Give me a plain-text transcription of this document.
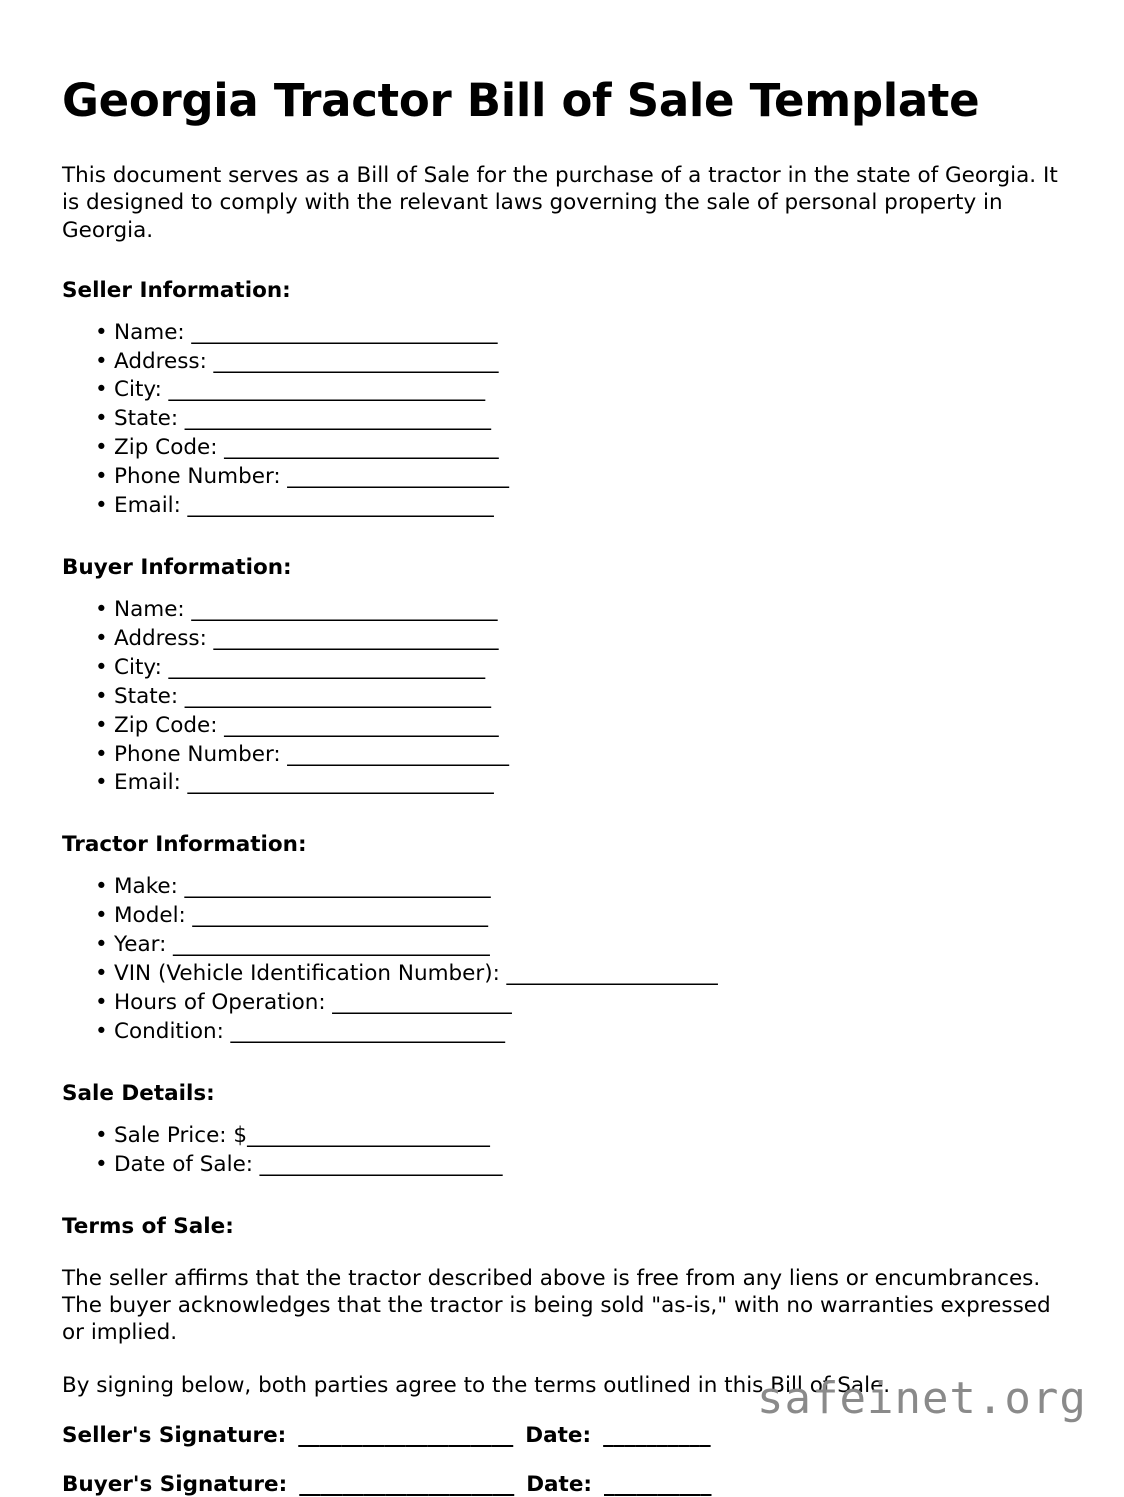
Georgia Tractor Bill of Sale Template

This document serves as a Bill of Sale for the purchase of a tractor in the state of Georgia. It is designed to comply with the relevant laws governing the sale of personal property in Georgia.

Seller Information:
• Name: _____________________________
• Address: ___________________________
• City: ______________________________
• State: _____________________________
• Zip Code: __________________________
• Phone Number: _____________________
• Email: _____________________________
Buyer Information:
• Name: _____________________________
• Address: ___________________________
• City: ______________________________
• State: _____________________________
• Zip Code: __________________________
• Phone Number: _____________________
• Email: _____________________________
Tractor Information:
• Make: _____________________________
• Model: ____________________________
• Year: ______________________________
• VIN (Vehicle Identification Number): ____________________
• Hours of Operation: _________________
• Condition: __________________________
Sale Details:
• Sale Price: $_______________________
• Date of Sale: _______________________
Terms of Sale:

The seller affirms that the tractor described above is free from any liens or encumbrances. The buyer acknowledges that the tractor is being sold "as-is," with no warranties expressed or implied.

By signing below, both parties agree to the terms outlined in this Bill of Sale.

Seller's Signature: ____________________ Date: __________
Buyer's Signature: ____________________ Date: __________
safeinet.org
